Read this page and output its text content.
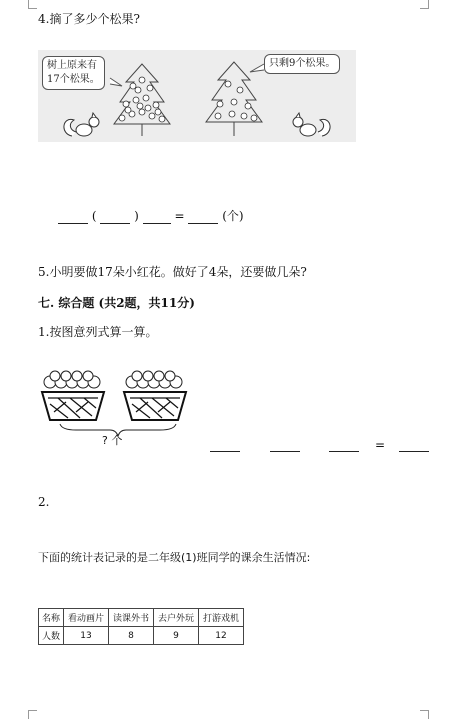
4.摘了多少个松果?
树上原来有
17个松果。
只剩9个松果。
(	)	=	(个)
5.小明要做17朵小红花。做好了4朵，还要做几朵?
七. 综合题 (共2题，共11分)
1.按图意列式算一算。
? 个	=
2.
下面的统计表记录的是二年级(1)班同学的课余生活情况:
名称	看动画片	读课外书	去户外玩	打游戏机
人数	13	8	9	12
